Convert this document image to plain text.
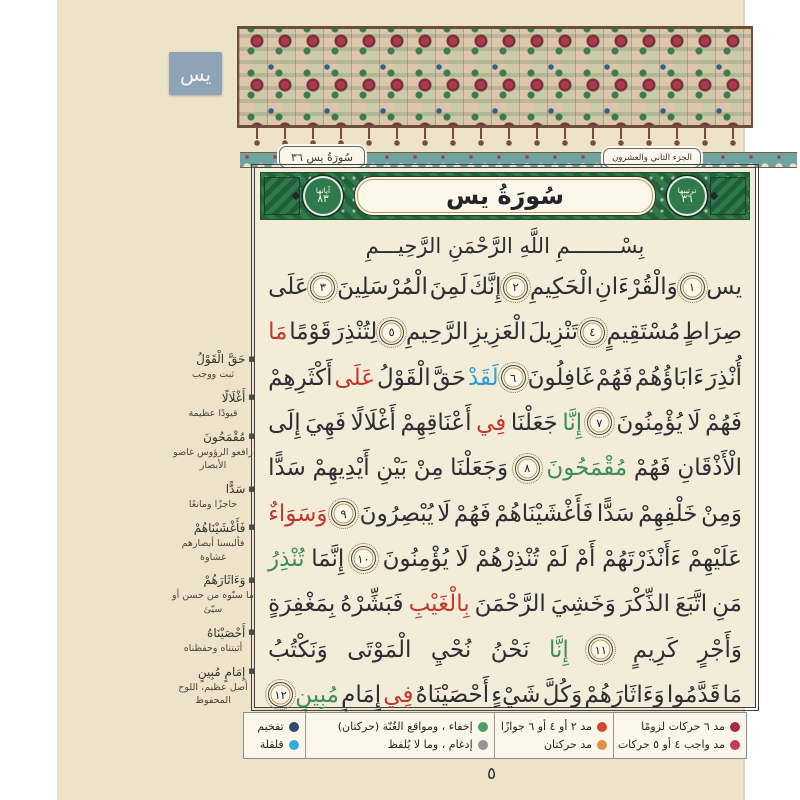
الجزء الثاني والعشرون
سُورَةُ يس ٣٦
ترتيبها
٣٦
سُورَةُ يس
آياتها
٨٣
بِسْــــــــمِ اللَّهِ الرَّحْمَنِ الرَّحِيـــمِ
يس
١
وَالْقُرْءَانِ
الْحَكِيمِ
٢
إِنَّكَ
لَمِنَ
الْمُرْسَلِينَ
٣
عَلَى
صِرَاطٍ
مُسْتَقِيمٍ
٤
تَنْزِيلَ
الْعَزِيزِ
الرَّحِيمِ
٥
لِتُنْذِرَ
قَوْمًا
مَا
أُنْذِرَ
ءَابَاؤُهُمْ
فَهُمْ
غَافِلُونَ
٦
لَقَدْ
حَقَّ
الْقَوْلُ
عَلَى
أَكْثَرِهِمْ
فَهُمْ
لَا
يُؤْمِنُونَ
٧
إِنَّا
جَعَلْنَا
فِي
أَعْنَاقِهِمْ
أَغْلَالًا
فَهِيَ
إِلَى
الْأَذْقَانِ
فَهُمْ
مُقْمَحُونَ
٨
وَجَعَلْنَا
مِنْ
بَيْنِ
أَيْدِيهِمْ
سَدًّا
وَمِنْ
خَلْفِهِمْ
سَدًّا
فَأَغْشَيْنَاهُمْ
فَهُمْ
لَا
يُبْصِرُونَ
٩
وَسَوَاءٌ
عَلَيْهِمْ
ءَأَنْذَرْتَهُمْ
أَمْ
لَمْ
تُنْذِرْهُمْ
لَا
يُؤْمِنُونَ
١٠
إِنَّمَا
تُنْذِرُ
مَنِ
اتَّبَعَ
الذِّكْرَ
وَخَشِيَ
الرَّحْمَنَ
بِالْغَيْبِ
فَبَشِّرْهُ
بِمَغْفِرَةٍ
وَأَجْرٍ
كَرِيمٍ
١١
إِنَّا
نَحْنُ
نُحْيِ
الْمَوْتَى
وَنَكْتُبُ
مَا
قَدَّمُوا
وَءَاثَارَهُمْ
وَكُلَّ
شَيْءٍ
أَحْصَيْنَاهُ
فِي
إِمَامٍ
مُبِينٍ
١٢
■
حَقَّ الْقَوْلُ
ثبت ووجب
■
أَغْلَالًا
قيودًا عظيمة
■
مُقْمَحُونَ
رافعو الرؤوس غاضو الأبصار
■
سَدًّا
حاجزًا ومانعًا
■
فَأَغْشَيْنَاهُمْ
فألبسنا أبصارهم غشاوة
■
وَءَاثَارَهُمْ
ما سنّوه من حسن أو سيّئ
■
أَحْصَيْنَاهُ
أثبتناه وحفظناه
■
إِمَامٍ مُبِينٍ
أصل عظيم، اللوح المحفوظ
مد ٦ حركات لزومًا
مد واجب ٤ أو ٥ حركات
مد ٢ أو ٤ أو ٦ جوازًا
مد حركتان
إخفاء ، ومواقع الغُنّة (حركتان)
إدغام ، وما لا يُلفظ
تفخيم
قلقلة
٥
يس
